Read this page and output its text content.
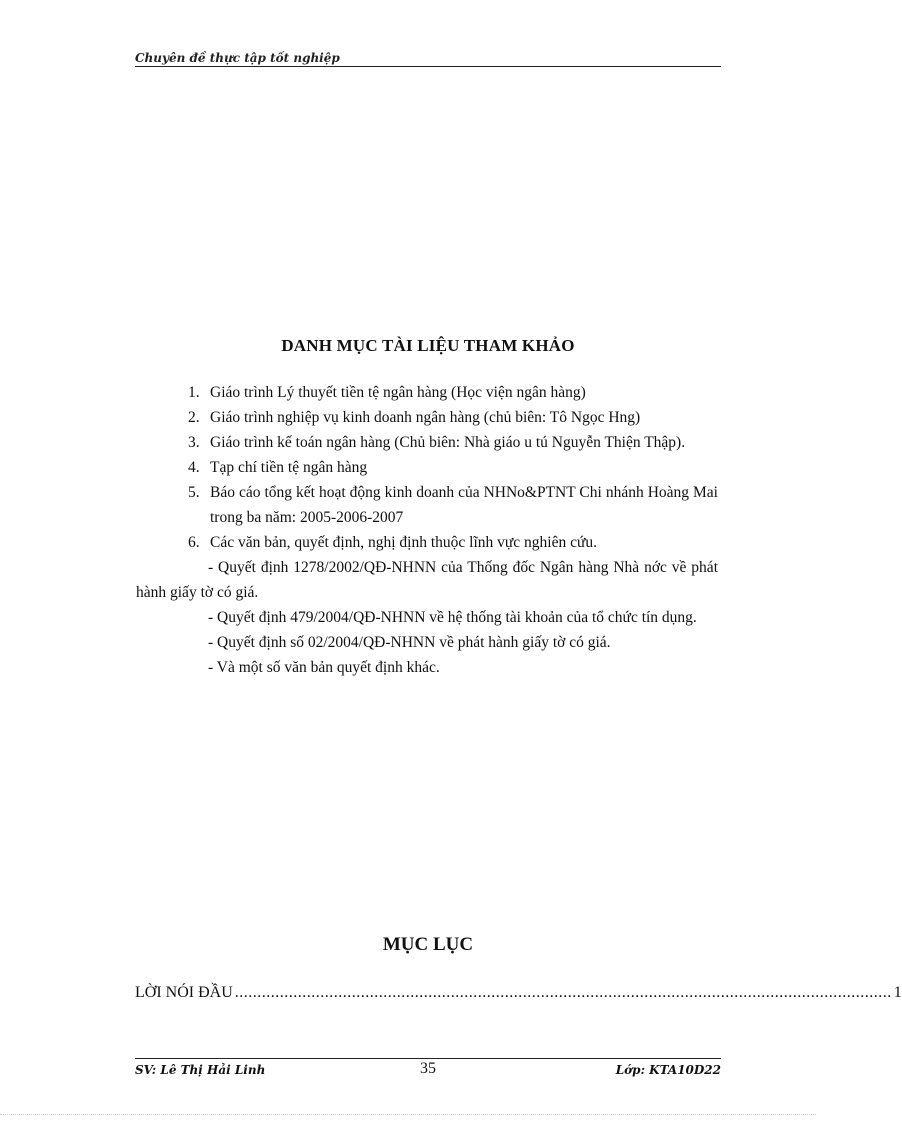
Chuyên đề thực tập tốt nghiệp
DANH MỤC TÀI LIỆU THAM KHẢO
1. Giáo trình Lý thuyết tiền tệ ngân hàng (Học viện ngân hàng)
2. Giáo trình nghiệp vụ kinh doanh ngân hàng (chủ biên: Tô Ngọc Hng)
3. Giáo trình kế toán ngân hàng (Chủ biên: Nhà giáo u tú Nguyễn Thiện Thập).
4. Tạp chí tiền tệ ngân hàng
5. Báo cáo tổng kết hoạt động kinh doanh của NHNo&PTNT Chi nhánh Hoàng Mai trong ba năm: 2005-2006-2007
6. Các văn bản, quyết định, nghị định thuộc lĩnh vực nghiên cứu.
- Quyết định 1278/2002/QĐ-NHNN của Thống đốc Ngân hàng Nhà nớc về phát hành giấy tờ có giá.
- Quyết định 479/2004/QĐ-NHNN về hệ thống tài khoản của tổ chức tín dụng.
- Quyết định số 02/2004/QĐ-NHNN về phát hành giấy tờ có giá.
- Và một số văn bản quyết định khác.
MỤC LỤC
LỜI NÓI ĐẦU .................................................................................................................................................. 1
SV: Lê Thị Hải Linh	35	Lớp: KTA10D22
